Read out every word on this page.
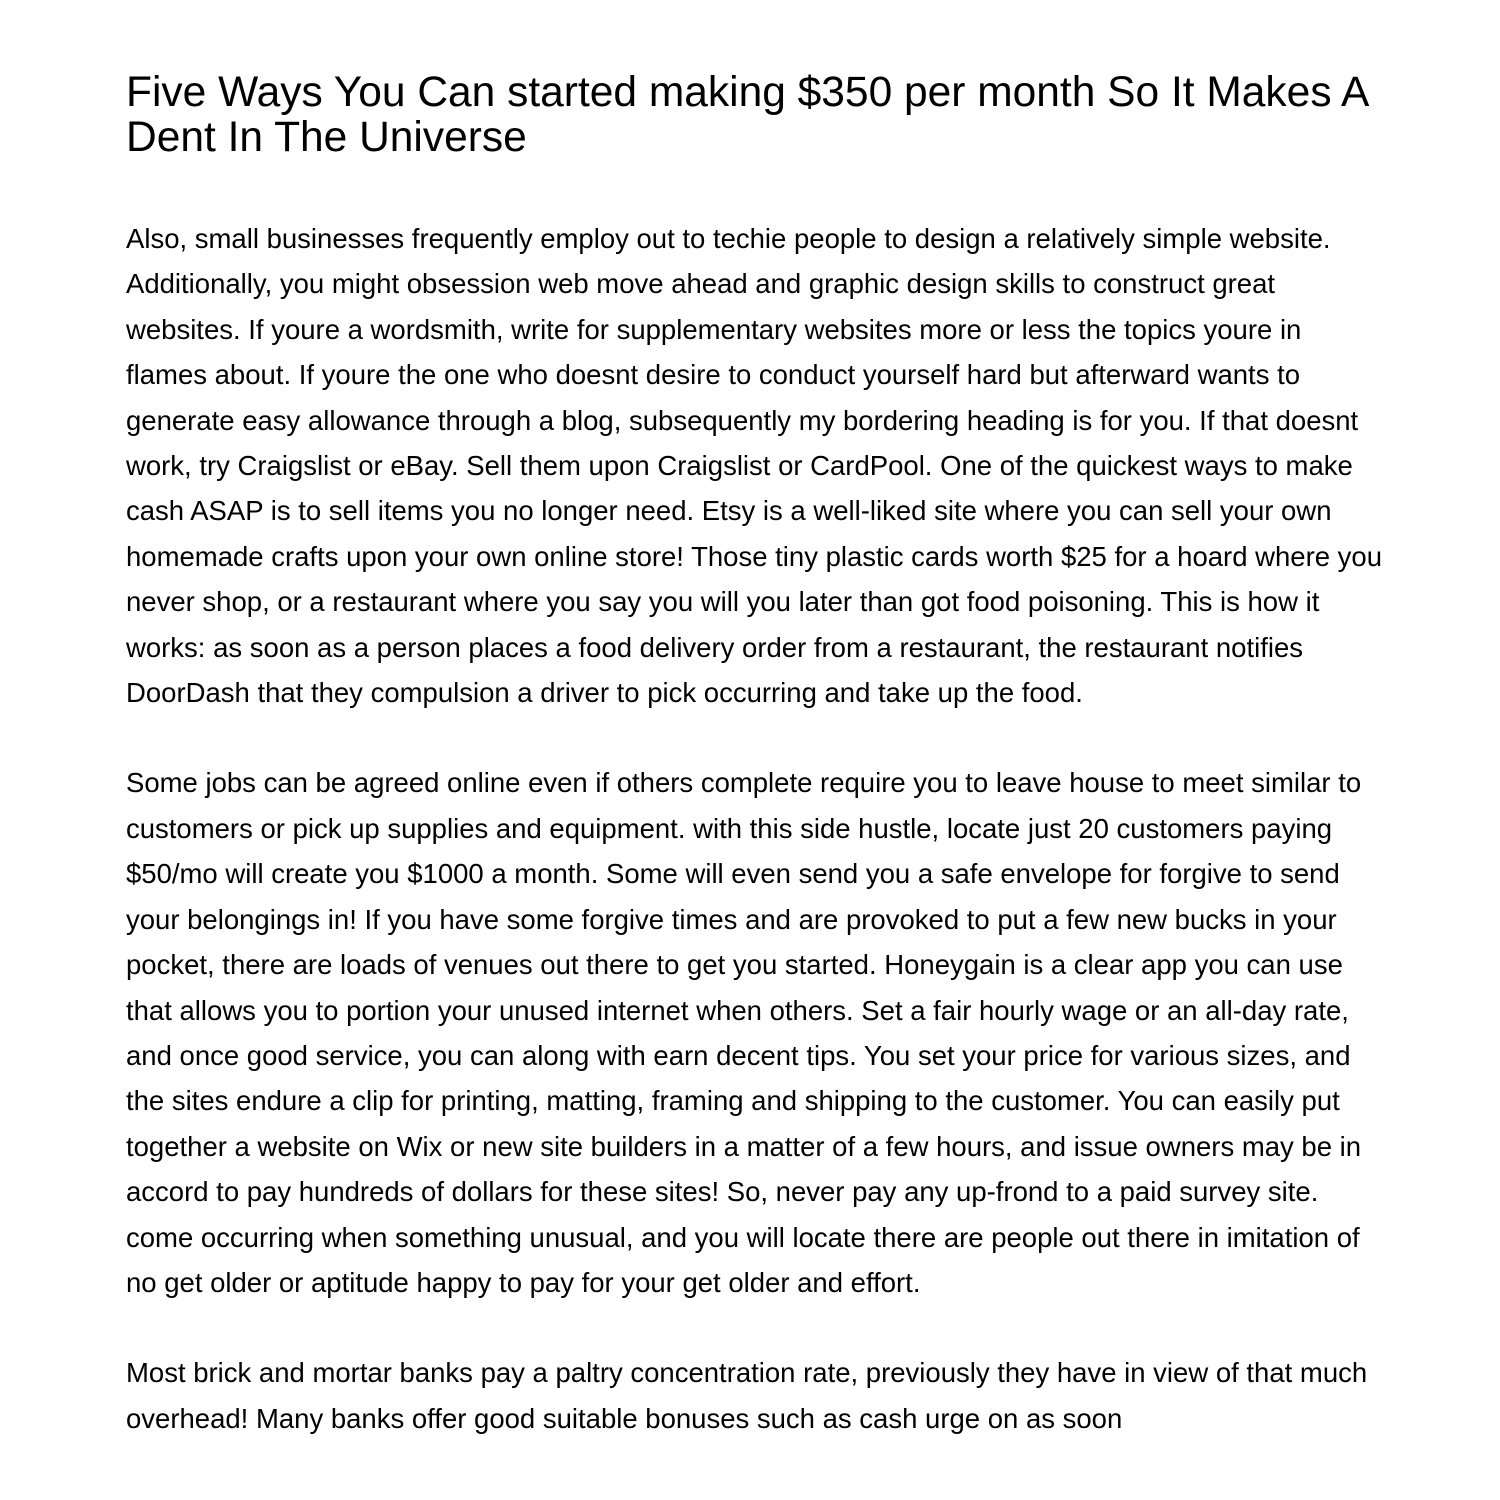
Five Ways You Can started making $350 per month So It Makes A Dent In The Universe

Also, small businesses frequently employ out to techie people to design a relatively simple website. Additionally, you might obsession web move ahead and graphic design skills to construct great websites. If youre a wordsmith, write for supplementary websites more or less the topics youre in flames about. If youre the one who doesnt desire to conduct yourself hard but afterward wants to generate easy allowance through a blog, subsequently my bordering heading is for you. If that doesnt work, try Craigslist or eBay. Sell them upon Craigslist or CardPool. One of the quickest ways to make cash ASAP is to sell items you no longer need. Etsy is a well-liked site where you can sell your own homemade crafts upon your own online store! Those tiny plastic cards worth $25 for a hoard where you never shop, or a restaurant where you say you will you later than got food poisoning. This is how it works: as soon as a person places a food delivery order from a restaurant, the restaurant notifies DoorDash that they compulsion a driver to pick occurring and take up the food.

Some jobs can be agreed online even if others complete require you to leave house to meet similar to customers or pick up supplies and equipment. with this side hustle, locate just 20 customers paying $50/mo will create you $1000 a month. Some will even send you a safe envelope for forgive to send your belongings in! If you have some forgive times and are provoked to put a few new bucks in your pocket, there are loads of venues out there to get you started. Honeygain is a clear app you can use that allows you to portion your unused internet when others. Set a fair hourly wage or an all-day rate, and once good service, you can along with earn decent tips. You set your price for various sizes, and the sites endure a clip for printing, matting, framing and shipping to the customer. You can easily put together a website on Wix or new site builders in a matter of a few hours, and issue owners may be in accord to pay hundreds of dollars for these sites! So, never pay any up-frond to a paid survey site. come occurring when something unusual, and you will locate there are people out there in imitation of no get older or aptitude happy to pay for your get older and effort.

Most brick and mortar banks pay a paltry concentration rate, previously they have in view of that much overhead! Many banks offer good suitable bonuses such as cash urge on as soon
